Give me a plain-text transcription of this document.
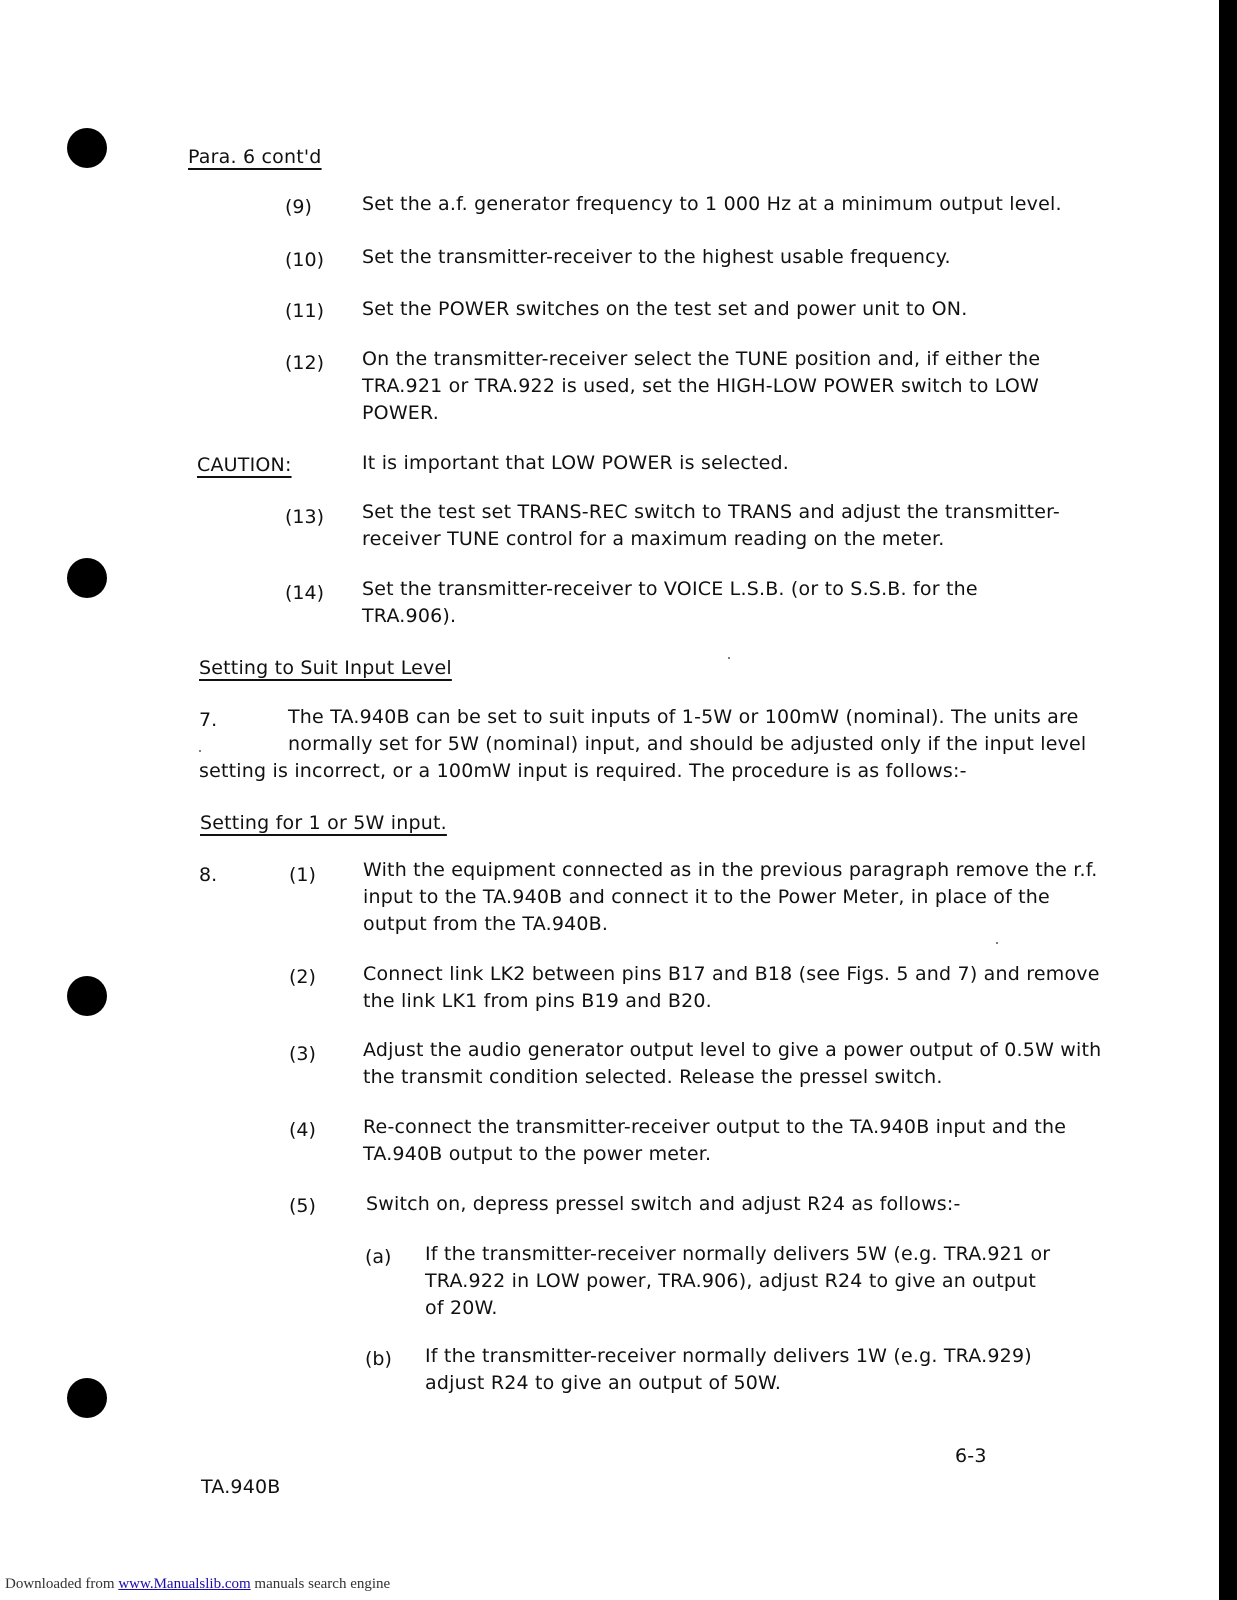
Para. 6 cont'd
(9)	Set the a.f. generator frequency to 1 000 Hz at a minimum output level.
(10) Set the transmitter-receiver to the highest usable frequency.
(11) Set the POWER switches on the test set and power unit to ON.
(12) On the transmitter-receiver select the TUNE position and, if either the
TRA.921 or TRA.922 is used, set the HIGH-LOW POWER switch to LOW
POWER.
CAUTION:	It is important that LOW POWER is selected.
(13) Set the test set TRANS-REC switch to TRANS and adjust the transmitter-
receiver TUNE control for a maximum reading on the meter.
(14) Set the transmitter-receiver to VOICE L.S.B. (or to S.S.B. for the
TRA.906).
Setting to Suit Input Level
7.	The TA.940B can be set to suit inputs of 1-5W or 100mW (nominal). The units are
normally set for 5W (nominal) input, and should be adjusted only if the input level
setting is incorrect, or a 100mW input is required. The procedure is as follows:-
Setting for 1 or 5W input.
8.	(1) With the equipment connected as in the previous paragraph remove the r.f.
input to the TA.940B and connect it to the Power Meter, in place of the
output from the TA.940B.
(2) Connect link LK2 between pins B17 and B18 (see Figs. 5 and 7) and remove
the link LK1 from pins B19 and B20.
(3) Adjust the audio generator output level to give a power output of 0.5W with
the transmit condition selected. Release the pressel switch.
(4) Re-connect the transmitter-receiver output to the TA.940B input and the
TA.940B output to the power meter.
(5)	Switch on, depress pressel switch and adjust R24 as follows:-
(a) If the transmitter-receiver normally delivers 5W (e.g. TRA.921 or
TRA.922 in LOW power, TRA.906), adjust R24 to give an output
of 20W.
(b) If the transmitter-receiver normally delivers 1W (e.g. TRA.929)
adjust R24 to give an output of 50W.
6-3
TA.940B
Downloaded from www.Manualslib.com manuals search engine
